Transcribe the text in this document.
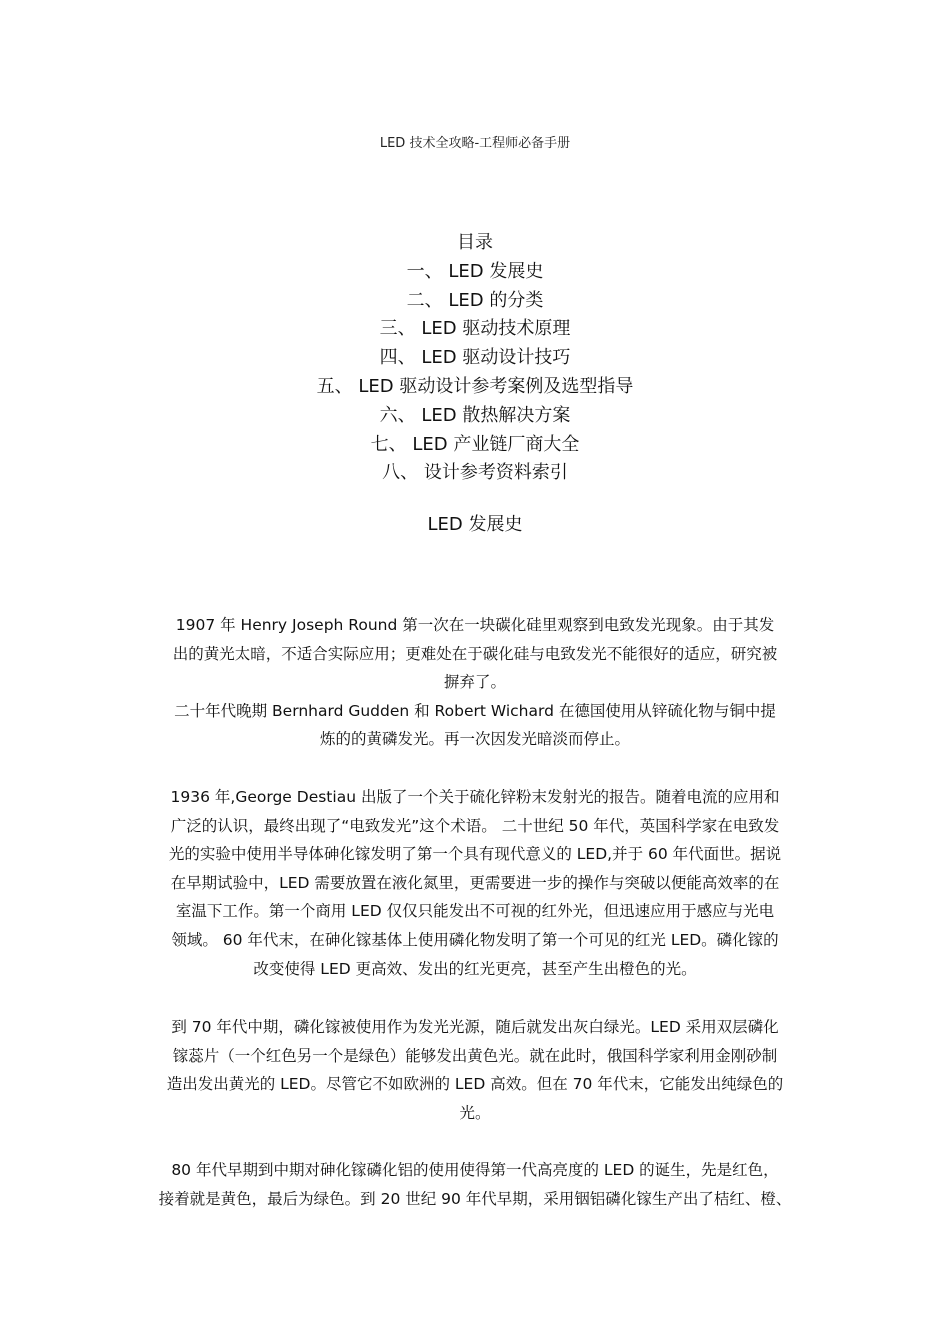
LED 技术全攻略-工程师必备手册
目录
一、 LED 发展史
二、 LED 的分类
三、 LED 驱动技术原理
四、 LED 驱动设计技巧
五、 LED 驱动设计参考案例及选型指导
六、 LED 散热解决方案
七、 LED 产业链厂商大全
八、 设计参考资料索引
LED 发展史
1907 年 Henry Joseph Round 第一次在一块碳化硅里观察到电致发光现象。由于其发
出的黄光太暗，不适合实际应用；更难处在于碳化硅与电致发光不能很好的适应，研究被
摒弃了。
二十年代晚期 Bernhard Gudden 和 Robert Wichard 在德国使用从锌硫化物与铜中提
炼的的黄磷发光。再一次因发光暗淡而停止。
1936 年,George Destiau 出版了一个关于硫化锌粉末发射光的报告。随着电流的应用和
广泛的认识，最终出现了“电致发光”这个术语。 二十世纪 50 年代，英国科学家在电致发
光的实验中使用半导体砷化镓发明了第一个具有现代意义的 LED,并于 60 年代面世。据说
在早期试验中，LED 需要放置在液化氮里，更需要进一步的操作与突破以便能高效率的在
室温下工作。第一个商用 LED 仅仅只能发出不可视的红外光，但迅速应用于感应与光电
领域。 60 年代末，在砷化镓基体上使用磷化物发明了第一个可见的红光 LED。磷化镓的
改变使得 LED 更高效、发出的红光更亮，甚至产生出橙色的光。
到 70 年代中期，磷化镓被使用作为发光光源，随后就发出灰白绿光。LED 采用双层磷化
镓蕊片（一个红色另一个是绿色）能够发出黄色光。就在此时，俄国科学家利用金刚砂制
造出发出黄光的 LED。尽管它不如欧洲的 LED 高效。但在 70 年代末，它能发出纯绿色的
光。
80 年代早期到中期对砷化镓磷化铝的使用使得第一代高亮度的 LED 的诞生，先是红色，
接着就是黄色，最后为绿色。到 20 世纪 90 年代早期，采用铟铝磷化镓生产出了桔红、橙、
